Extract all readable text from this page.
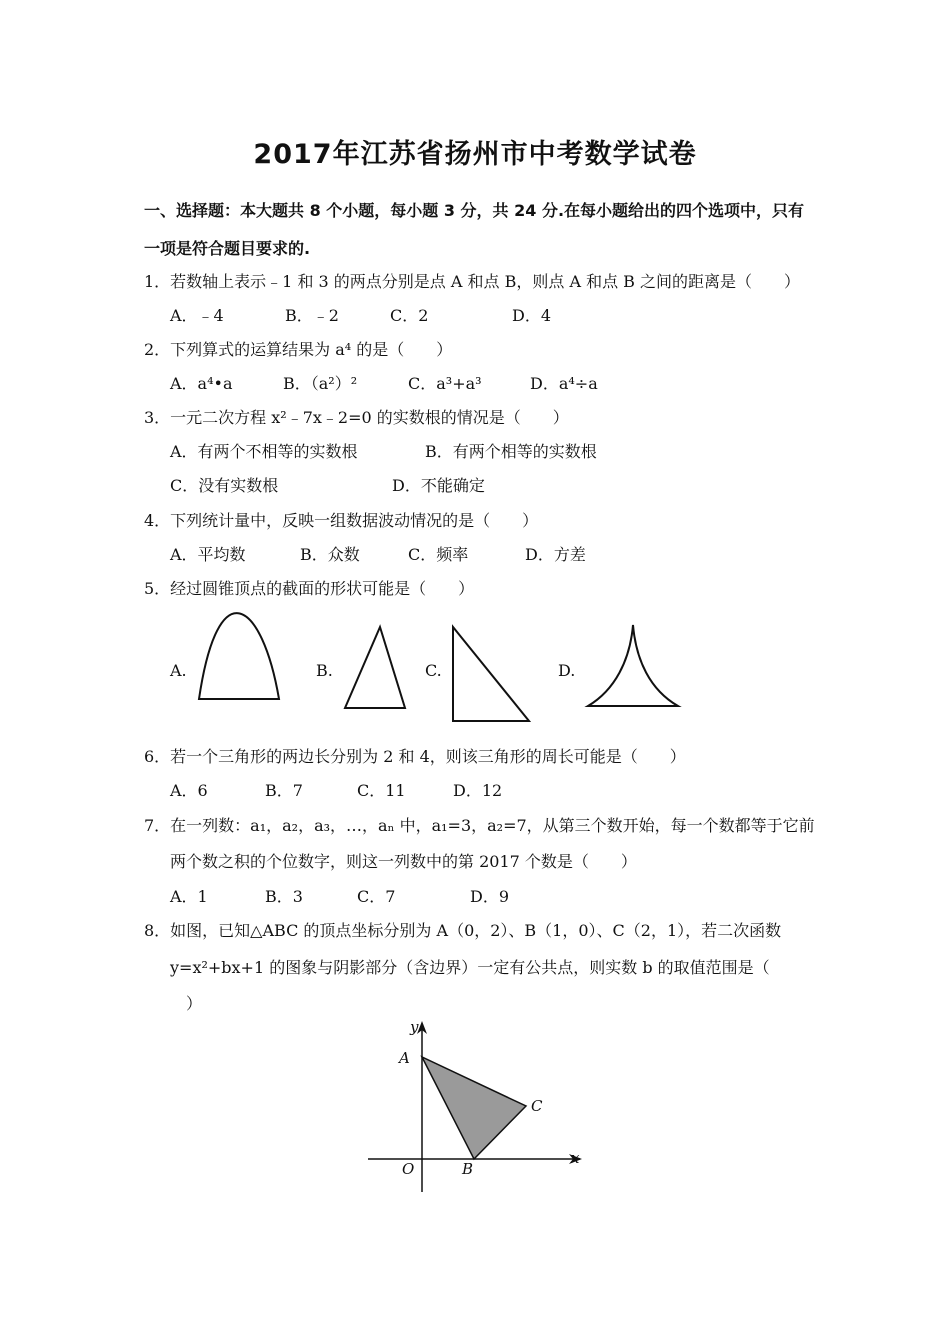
2017年江苏省扬州市中考数学试卷
一、选择题：本大题共 8 个小题，每小题 3 分，共 24 分.在每小题给出的四个选项中，只有
一项是符合题目要求的.
1．若数轴上表示﹣1 和 3 的两点分别是点 A 和点 B，则点 A 和点 B 之间的距离是（　　）
A．﹣4	B．﹣2	C．2	D．4
2．下列算式的运算结果为 a⁴ 的是（　　）
A．a⁴•a	B．（a²）²	C．a³+a³	D．a⁴÷a
3．一元二次方程 x²﹣7x﹣2=0 的实数根的情况是（　　）
A．有两个不相等的实数根	B．有两个相等的实数根
C．没有实数根	D．不能确定
4．下列统计量中，反映一组数据波动情况的是（　　）
A．平均数	B．众数	C．频率	D．方差
5．经过圆锥顶点的截面的形状可能是（　　）
A.	B.	C.	D.
6．若一个三角形的两边长分别为 2 和 4，则该三角形的周长可能是（　　）
A．6	B．7	C．11	D．12
7．在一列数：a₁，a₂，a₃，…，aₙ 中，a₁=3，a₂=7，从第三个数开始，每一个数都等于它前
两个数之积的个位数字，则这一列数中的第 2017 个数是（　　）
A．1	B．3	C．7	D．9
8．如图，已知△ABC 的顶点坐标分别为 A（0，2）、B（1，0）、C（2，1），若二次函数
y=x²+bx+1 的图象与阴影部分（含边界）一定有公共点，则实数 b 的取值范围是（
）
y
x
A
B
C
O
